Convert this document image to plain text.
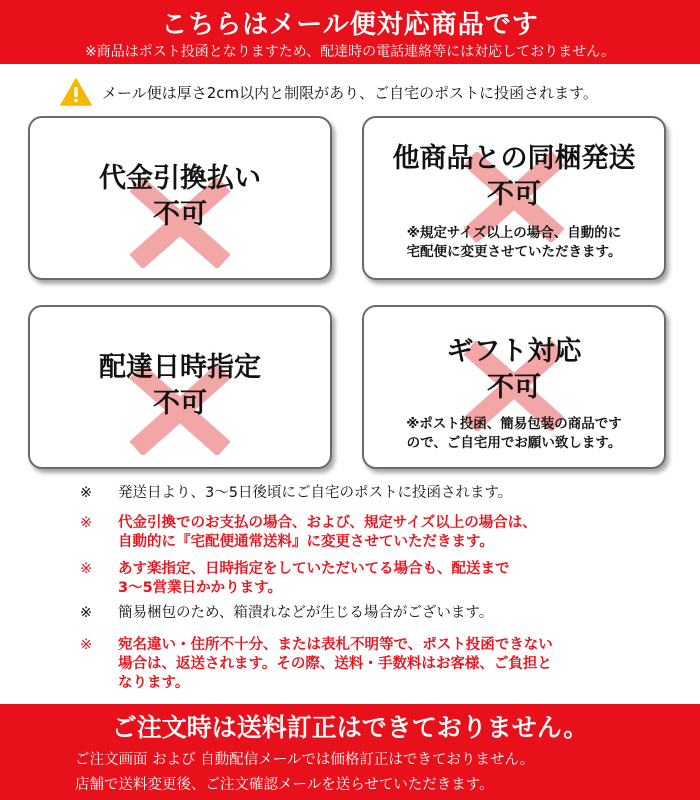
こちらはメール便対応商品です
※商品はポスト投函となりますため、配達時の電話連絡等には対応しておりません。
メール便は厚さ2cm以内と制限があり、ご自宅のポストに投函されます。
代金引換払い
不可
他商品との同梱発送
不可
※規定サイズ以上の場合、自動的に
宅配便に変更させていただきます。
配達日時指定
不可
ギフト対応
不可
※ポスト投函、簡易包装の商品です
ので、ご自宅用でお願い致します。
※	発送日より、3～5日後頃にご自宅のポストに投函されます。
※	代金引換でのお支払の場合、および、規定サイズ以上の場合は、
自動的に『宅配便通常送料』に変更させていただきます。
※	あす楽指定、日時指定をしていただいてる場合も、配送まで
3～5営業日かかります。
※	簡易梱包のため、箱潰れなどが生じる場合がございます。
※	宛名違い・住所不十分、または表札不明等で、ポスト投函できない
場合は、返送されます。その際、送料・手数料はお客様、ご負担と
なります。
ご注文時は送料訂正はできておりません。
ご注文画面 および 自動配信メールでは価格訂正はできておりません。
店舗で送料変更後、ご注文確認メールを送らせていただきます。
